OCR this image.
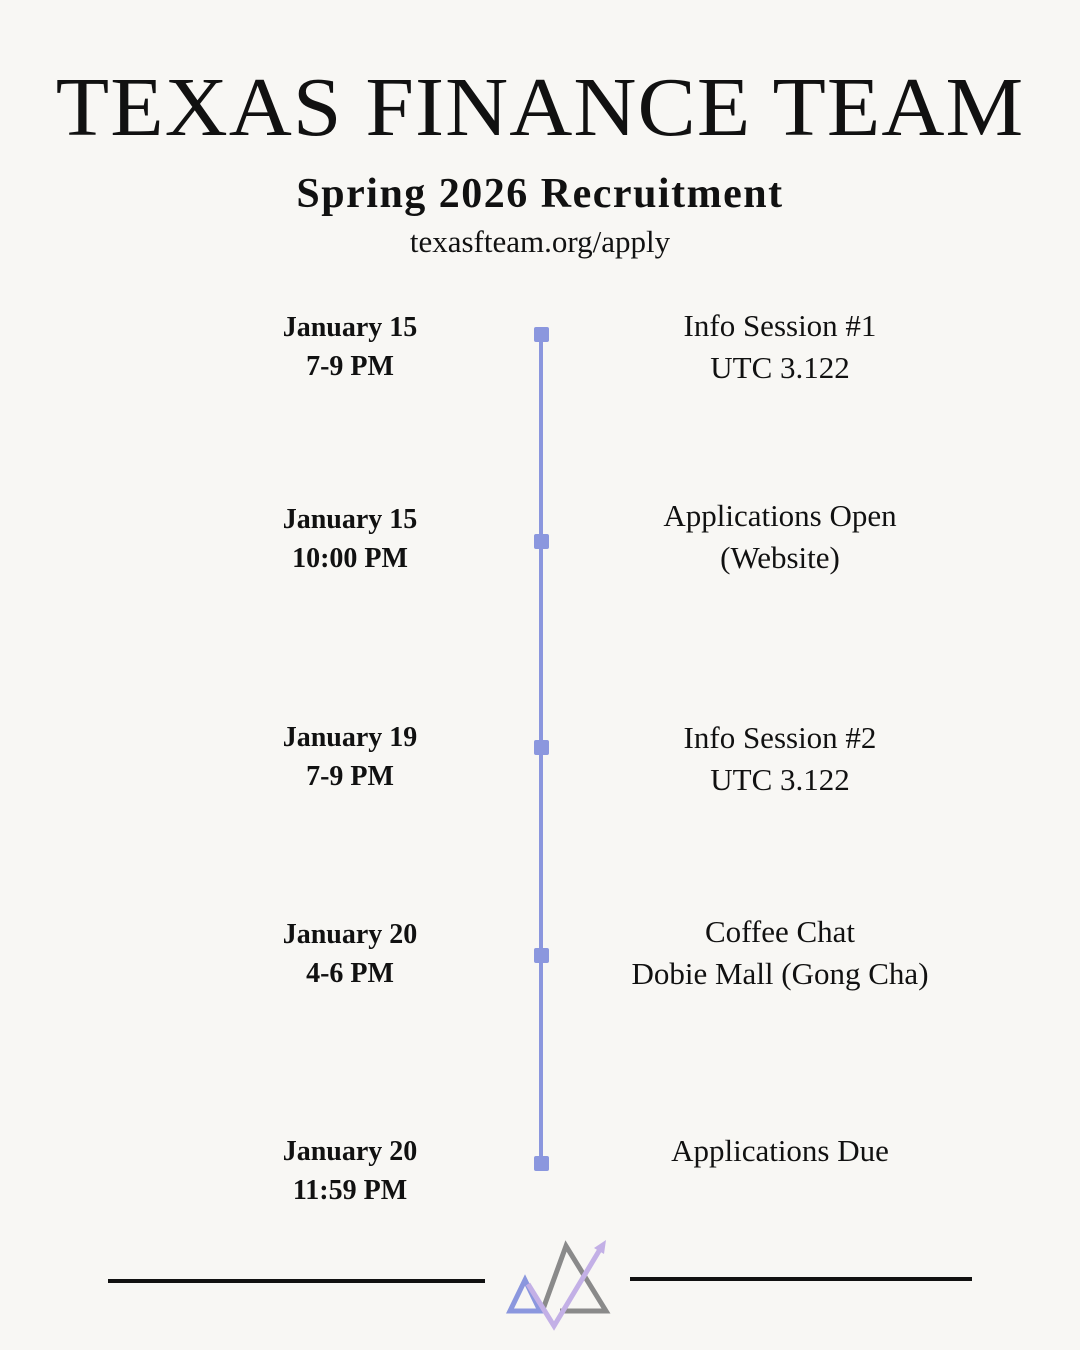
TEXAS FINANCE TEAM
Spring 2026 Recruitment
texasfteam.org/apply
January 15
7-9 PM
Info Session #1
UTC 3.122
January 15
10:00 PM
Applications Open
(Website)
January 19
7-9 PM
Info Session #2
UTC 3.122
January 20
4-6 PM
Coffee Chat
Dobie Mall (Gong Cha)
January 20
11:59 PM
Applications Due
